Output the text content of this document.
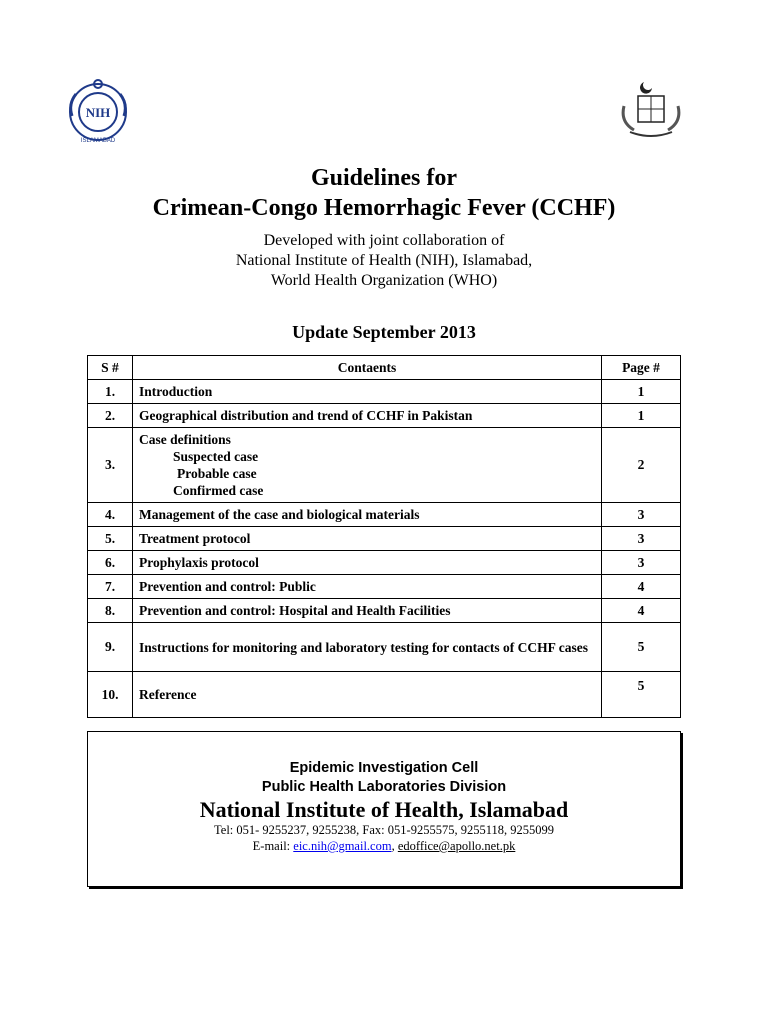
NIH
ISLAMABAD
Guidelines for
Crimean-Congo Hemorrhagic Fever (CCHF)
Developed with joint collaboration of
National Institute of Health (NIH), Islamabad,
World Health Organization (WHO)
Update September 2013
S #	Contaents	Page #
1.	Introduction	1
2.	Geographical distribution and trend of CCHF in Pakistan	1
3.	Case definitions
Suspected case
Probable case
Confirmed case	2
4.	Management of the case and biological materials	3
5.	Treatment protocol	3
6.	Prophylaxis protocol	3
7.	Prevention and control: Public	4
8.	Prevention and control: Hospital and Health Facilities	4
9.	Instructions for monitoring and laboratory testing for contacts of CCHF cases	5
10.	Reference	5
Epidemic Investigation Cell
Public Health Laboratories Division
National Institute of Health, Islamabad
Tel: 051- 9255237, 9255238, Fax: 051-9255575, 9255118, 9255099
E-mail: eic.nih@gmail.com, edoffice@apollo.net.pk
